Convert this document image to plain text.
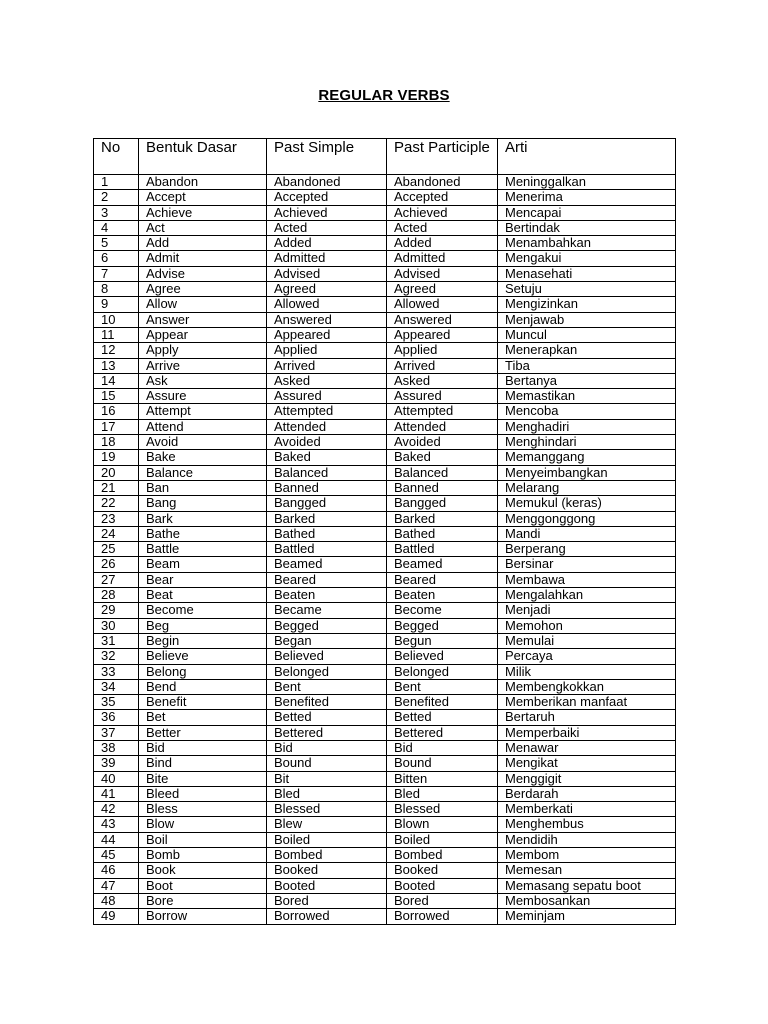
REGULAR VERBS
No	Bentuk Dasar	Past Simple	Past Participle	Arti
1	Abandon	Abandoned	Abandoned	Meninggalkan
2	Accept	Accepted	Accepted	Menerima
3	Achieve	Achieved	Achieved	Mencapai
4	Act	Acted	Acted	Bertindak
5	Add	Added	Added	Menambahkan
6	Admit	Admitted	Admitted	Mengakui
7	Advise	Advised	Advised	Menasehati
8	Agree	Agreed	Agreed	Setuju
9	Allow	Allowed	Allowed	Mengizinkan
10	Answer	Answered	Answered	Menjawab
11	Appear	Appeared	Appeared	Muncul
12	Apply	Applied	Applied	Menerapkan
13	Arrive	Arrived	Arrived	Tiba
14	Ask	Asked	Asked	Bertanya
15	Assure	Assured	Assured	Memastikan
16	Attempt	Attempted	Attempted	Mencoba
17	Attend	Attended	Attended	Menghadiri
18	Avoid	Avoided	Avoided	Menghindari
19	Bake	Baked	Baked	Memanggang
20	Balance	Balanced	Balanced	Menyeimbangkan
21	Ban	Banned	Banned	Melarang
22	Bang	Bangged	Bangged	Memukul (keras)
23	Bark	Barked	Barked	Menggonggong
24	Bathe	Bathed	Bathed	Mandi
25	Battle	Battled	Battled	Berperang
26	Beam	Beamed	Beamed	Bersinar
27	Bear	Beared	Beared	Membawa
28	Beat	Beaten	Beaten	Mengalahkan
29	Become	Became	Become	Menjadi
30	Beg	Begged	Begged	Memohon
31	Begin	Began	Begun	Memulai
32	Believe	Believed	Believed	Percaya
33	Belong	Belonged	Belonged	Milik
34	Bend	Bent	Bent	Membengkokkan
35	Benefit	Benefited	Benefited	Memberikan manfaat
36	Bet	Betted	Betted	Bertaruh
37	Better	Bettered	Bettered	Memperbaiki
38	Bid	Bid	Bid	Menawar
39	Bind	Bound	Bound	Mengikat
40	Bite	Bit	Bitten	Menggigit
41	Bleed	Bled	Bled	Berdarah
42	Bless	Blessed	Blessed	Memberkati
43	Blow	Blew	Blown	Menghembus
44	Boil	Boiled	Boiled	Mendidih
45	Bomb	Bombed	Bombed	Membom
46	Book	Booked	Booked	Memesan
47	Boot	Booted	Booted	Memasang sepatu boot
48	Bore	Bored	Bored	Membosankan
49	Borrow	Borrowed	Borrowed	Meminjam
